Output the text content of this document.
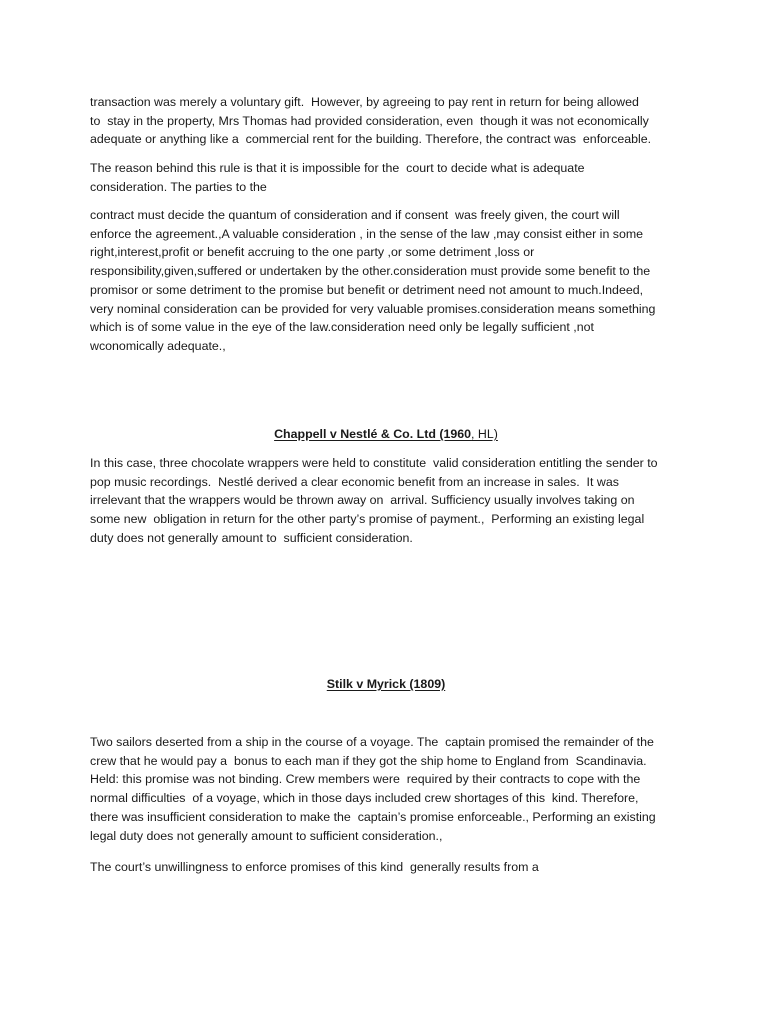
transaction was merely a voluntary gift.  However, by agreeing to pay rent in return for being allowed
to  stay in the property, Mrs Thomas had provided consideration, even  though it was not economically
adequate or anything like a  commercial rent for the building. Therefore, the contract was  enforceable.

The reason behind this rule is that it is impossible for the  court to decide what is adequate
consideration. The parties to the

contract must decide the quantum of consideration and if consent  was freely given, the court will
enforce the agreement.,A valuable consideration , in the sense of the law ,may consist either in some
right,interest,profit or benefit accruing to the one party ,or some detriment ,loss or
responsibility,given,suffered or undertaken by the other.consideration must provide some benefit to the
promisor or some detriment to the promise but benefit or detriment need not amount to much.Indeed,
very nominal consideration can be provided for very valuable promises.consideration means something
which is of some value in the eye of the law.consideration need only be legally sufficient ,not
wconomically adequate.,

Chappell v Nestlé & Co. Ltd (1960, HL)

In this case, three chocolate wrappers were held to constitute  valid consideration entitling the sender to
pop music recordings.  Nestlé derived a clear economic benefit from an increase in sales.  It was
irrelevant that the wrappers would be thrown away on  arrival. Sufficiency usually involves taking on
some new  obligation in return for the other party’s promise of payment.,  Performing an existing legal
duty does not generally amount to  sufficient consideration.

Stilk v Myrick (1809)

Two sailors deserted from a ship in the course of a voyage. The  captain promised the remainder of the
crew that he would pay a  bonus to each man if they got the ship home to England from  Scandinavia.
Held: this promise was not binding. Crew members were  required by their contracts to cope with the
normal difficulties  of a voyage, which in those days included crew shortages of this  kind. Therefore,
there was insufficient consideration to make the  captain’s promise enforceable., Performing an existing
legal duty does not generally amount to sufficient consideration.,

The court’s unwillingness to enforce promises of this kind  generally results from a
